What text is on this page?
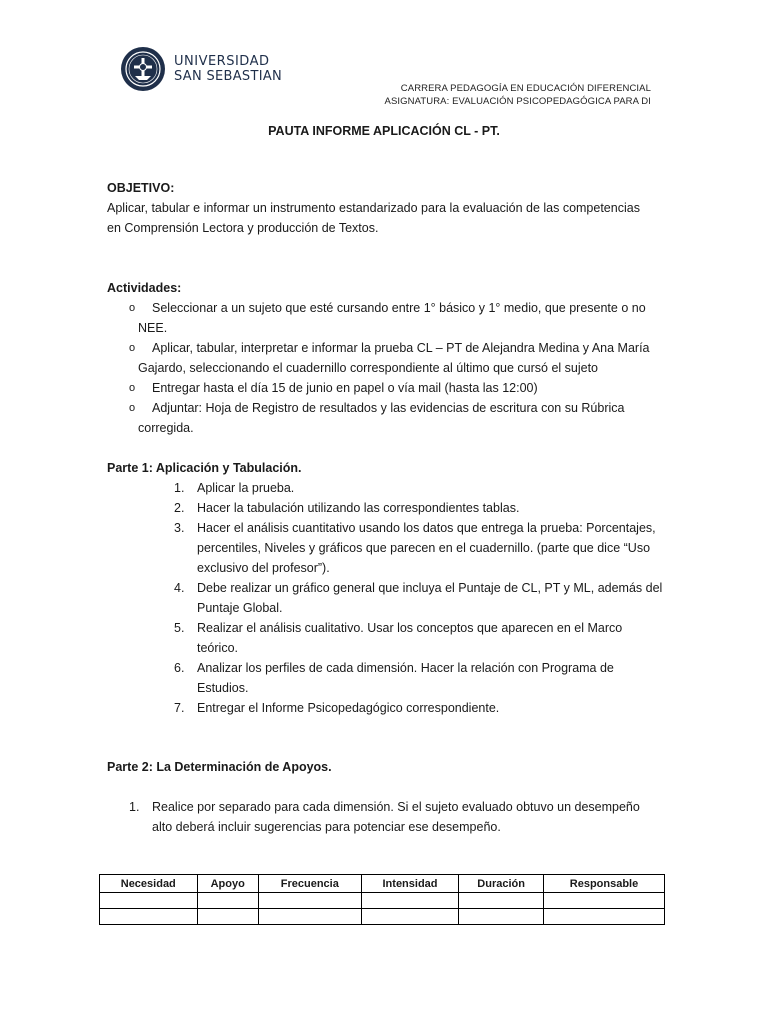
UNIVERSIDAD
SAN SEBASTIAN
CARRERA PEDAGOGÍA EN EDUCACIÓN DIFERENCIAL
ASIGNATURA: EVALUACIÓN PSICOPEDAGÓGICA PARA DI
PAUTA INFORME APLICACIÓN CL - PT.
OBJETIVO:
Aplicar, tabular e informar un instrumento estandarizado para la evaluación de las competencias
en Comprensión Lectora y producción de Textos.
Actividades:
o Seleccionar a un sujeto que esté cursando entre 1° básico y 1° medio, que presente o no
NEE.
o Aplicar, tabular, interpretar e informar la prueba CL – PT de Alejandra Medina y Ana María
Gajardo, seleccionando el cuadernillo correspondiente al último que cursó el sujeto
o Entregar hasta el día 15 de junio en papel o vía mail (hasta las 12:00)
o Adjuntar: Hoja de Registro de resultados y las evidencias de escritura con su Rúbrica
corregida.
Parte 1: Aplicación y Tabulación.
1. Aplicar la prueba.
2. Hacer la tabulación utilizando las correspondientes tablas.
3. Hacer el análisis cuantitativo usando los datos que entrega la prueba: Porcentajes,
percentiles, Niveles y gráficos que parecen en el cuadernillo. (parte que dice “Uso
exclusivo del profesor”).
4. Debe realizar un gráfico general que incluya el Puntaje de CL, PT y ML, además del
Puntaje Global.
5. Realizar el análisis cualitativo. Usar los conceptos que aparecen en el Marco
teórico.
6. Analizar los perfiles de cada dimensión. Hacer la relación con Programa de
Estudios.
7. Entregar el Informe Psicopedagógico correspondiente.
Parte 2: La Determinación de Apoyos.
1. Realice por separado para cada dimensión. Si el sujeto evaluado obtuvo un desempeño
alto deberá incluir sugerencias para potenciar ese desempeño.
Necesidad	Apoyo	Frecuencia	Intensidad	Duración	Responsable
